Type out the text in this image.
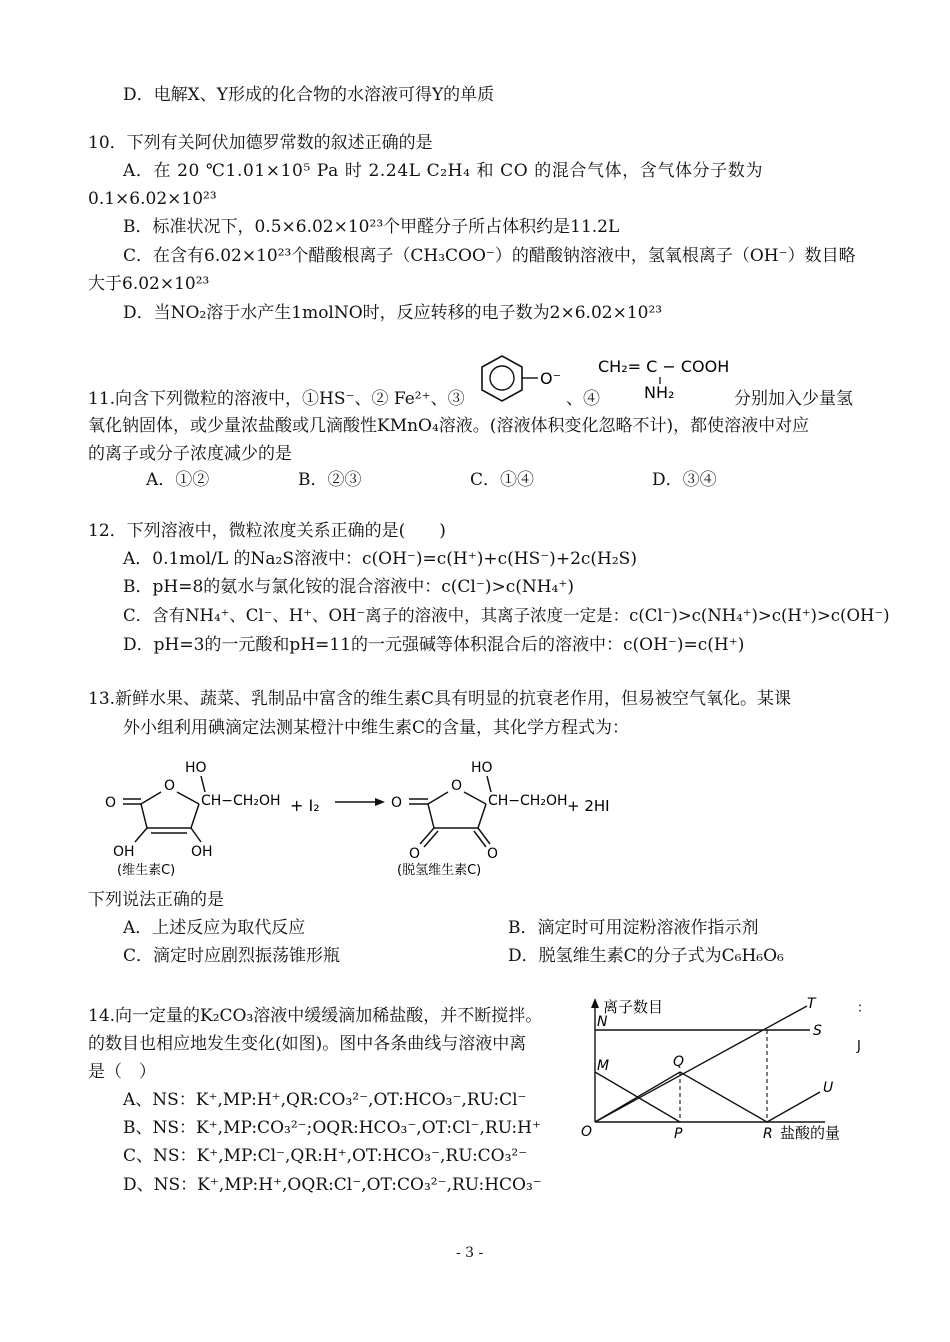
D．电解X、Y形成的化合物的水溶液可得Y的单质
10．下列有关阿伏加德罗常数的叙述正确的是
A．在 20 ℃1.01×10⁵ Pa 时 2.24L C₂H₄ 和 CO 的混合气体，含气体分子数为
0.1×6.02×10²³
B．标准状况下，0.5×6.02×10²³个甲醛分子所占体积约是11.2L
C．在含有6.02×10²³个醋酸根离子（CH₃COO⁻）的醋酸钠溶液中，氢氧根离子（OH⁻）数目略
大于6.02×10²³
D．当NO₂溶于水产生1molNO时，反应转移的电子数为2×6.02×10²³
11.向含下列微粒的溶液中，①HS⁻、② Fe²⁺、③
O⁻
、④
CH₂= C − COOH
NH₂	分别加入少量氢
氧化钠固体，或少量浓盐酸或几滴酸性KMnO₄溶液。(溶液体积变化忽略不计)，都使溶液中对应
的离子或分子浓度减少的是
A．①②	B．②③	C．①④	D．③④
12．下列溶液中，微粒浓度关系正确的是(　　)
A．0.1mol/L 的Na₂S溶液中：c(OH⁻)=c(H⁺)+c(HS⁻)+2c(H₂S)
B．pH=8的氨水与氯化铵的混合溶液中：c(Cl⁻)>c(NH₄⁺)
C．含有NH₄⁺、Cl⁻、H⁺、OH⁻离子的溶液中，其离子浓度一定是：c(Cl⁻)>c(NH₄⁺)>c(H⁺)>c(OH⁻)
D．pH=3的一元酸和pH=11的一元强碱等体积混合后的溶液中：c(OH⁻)=c(H⁺)
13.新鲜水果、蔬菜、乳制品中富含的维生素C具有明显的抗衰老作用，但易被空气氧化。某课
外小组利用碘滴定法测某橙汁中维生素C的含量，其化学方程式为：
O
O
OH	OH
HO
CH−CH₂OH
(维生素C)
+ I₂
O
O
O	O
HO
CH−CH₂OH
(脱氢维生素C)
+ 2HI
下列说法正确的是
A．上述反应为取代反应	B．滴定时可用淀粉溶液作指示剂
C．滴定时应剧烈振荡锥形瓶	D．脱氢维生素C的分子式为C₆H₆O₆
14.向一定量的K₂CO₃溶液中缓缓滴加稀盐酸，并不断搅拌。
的数目也相应地发生变化(如图)。图中各条曲线与溶液中离
是（　）
A、NS：K⁺,MP:H⁺,QR:CO₃²⁻,OT:HCO₃⁻,RU:Cl⁻
B、NS：K⁺,MP:CO₃²⁻;OQR:HCO₃⁻,OT:Cl⁻,RU:H⁺
C、NS：K⁺,MP:Cl⁻,QR:H⁺,OT:HCO₃⁻,RU:CO₃²⁻
D、NS：K⁺,MP:H⁺,OQR:Cl⁻,OT:CO₃²⁻,RU:HCO₃⁻
离子数目
盐酸的量
N
M
O	P
Q
R
S
T
U
：
J
- 3 -
